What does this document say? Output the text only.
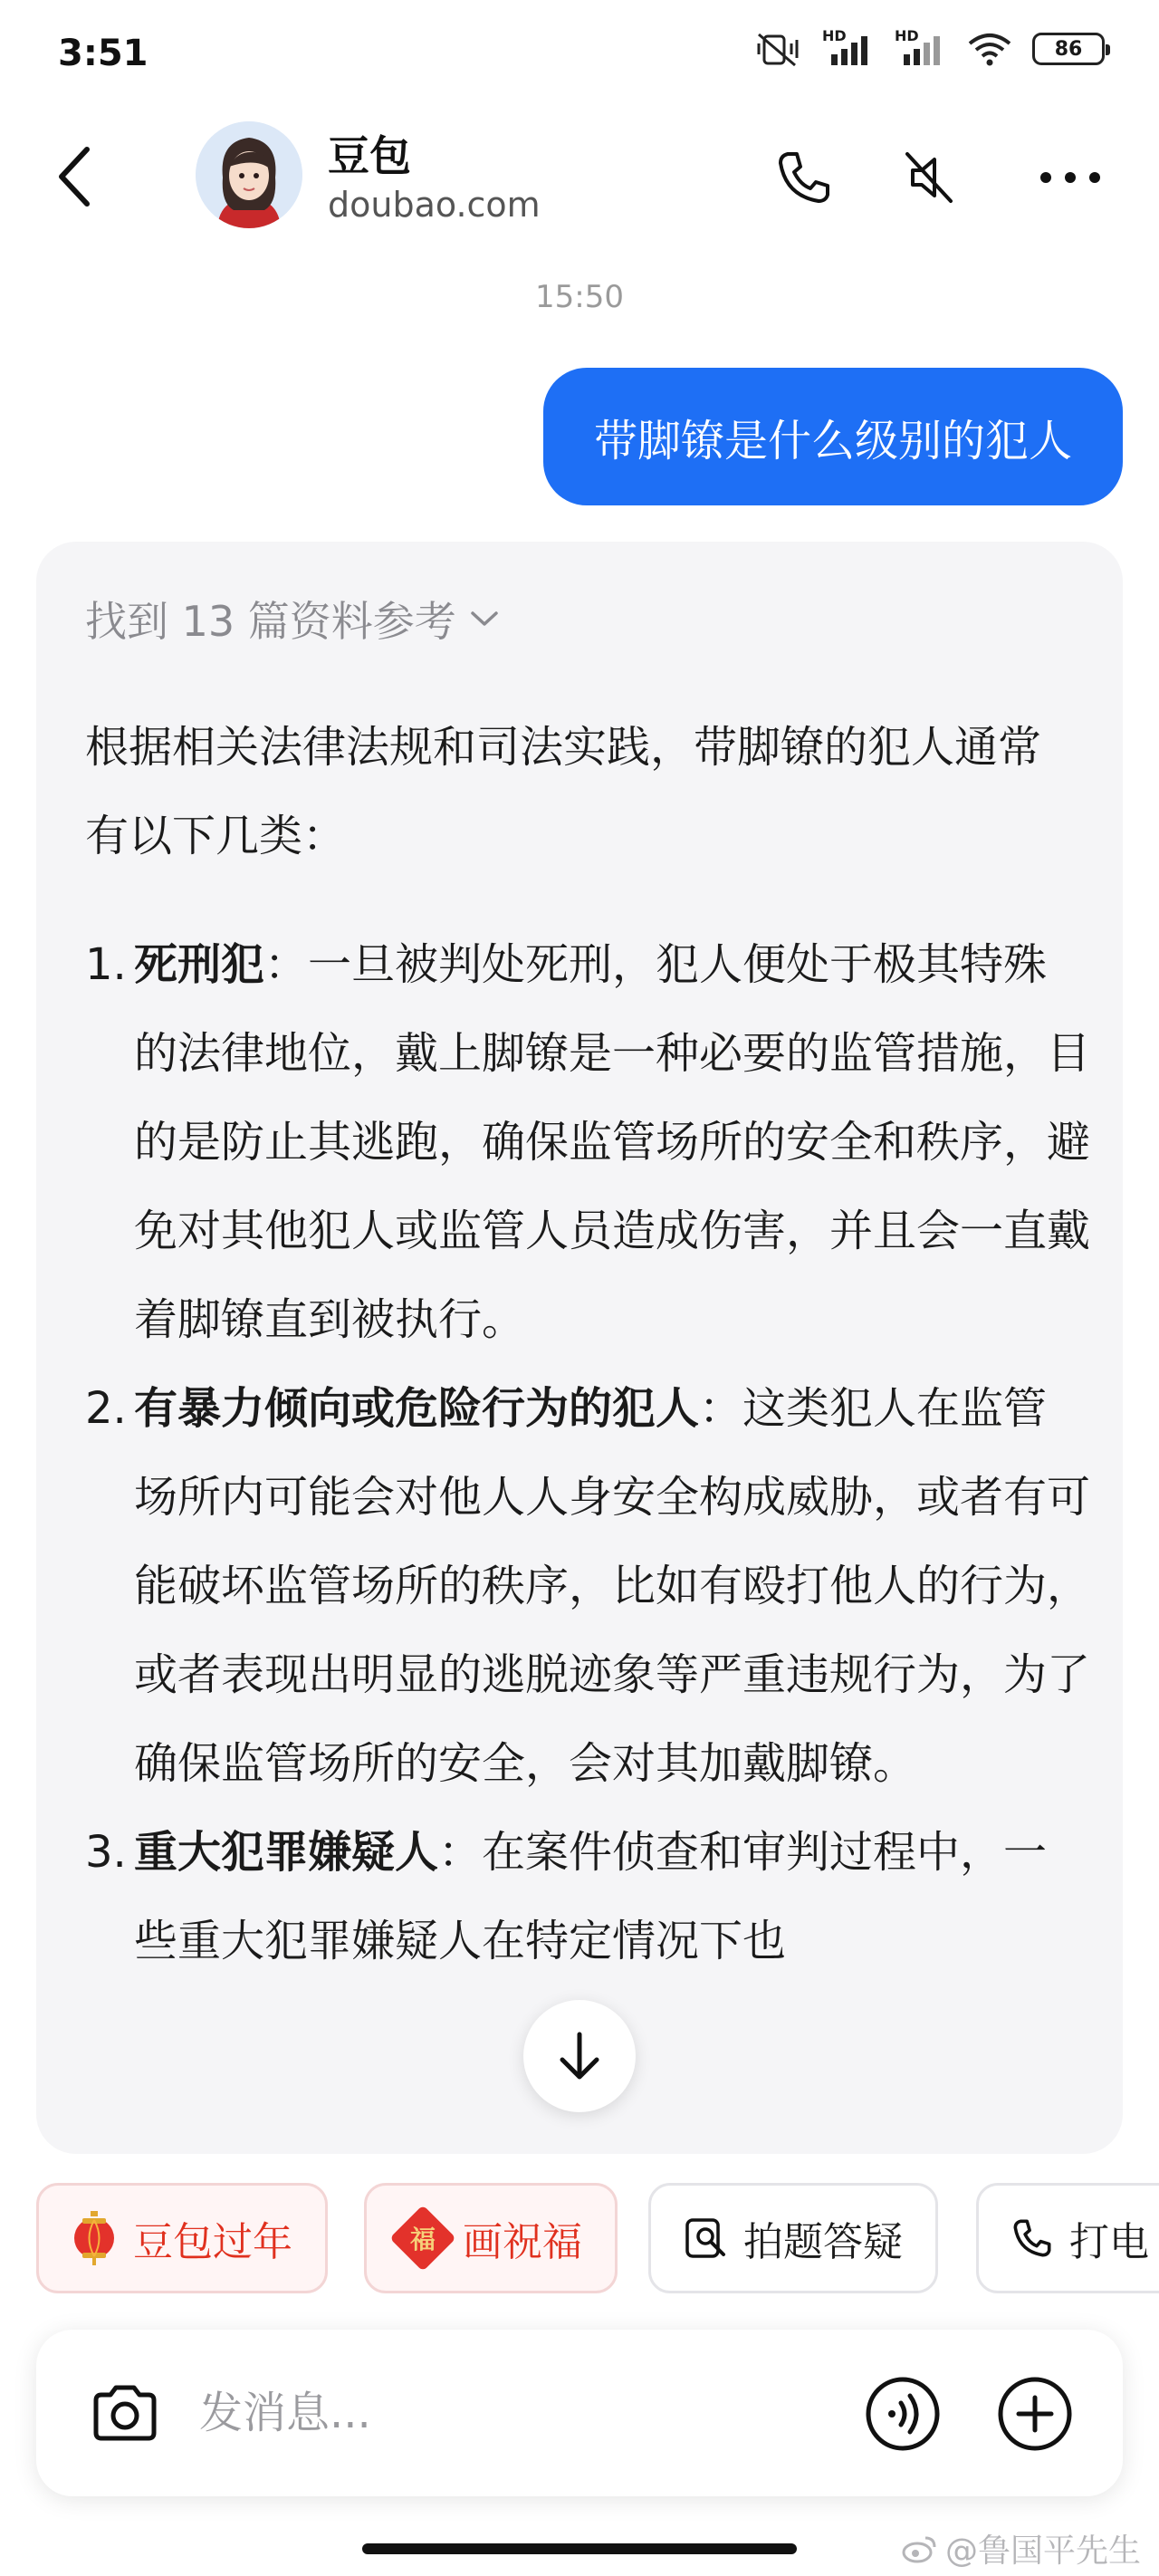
3:51	HD	HD
86
豆包
doubao.com
15:50
带脚镣是什么级别的犯人
找到 13 篇资料参考
根据相关法律法规和司法实践，带脚镣的犯人通常有以下几类：
1. 死刑犯：一旦被判处死刑，犯人便处于极其特殊的法律地位，戴上脚镣是一种必要的监管措施，目的是防止其逃跑，确保监管场所的安全和秩序，避免对其他犯人或监管人员造成伤害，并且会一直戴着脚镣直到被执行。
2. 有暴力倾向或危险行为的犯人：这类犯人在监管场所内可能会对他人人身安全构成威胁，或者有可能破坏监管场所的秩序，比如有殴打他人的行为，或者表现出明显的逃脱迹象等严重违规行为，为了确保监管场所的安全，会对其加戴脚镣。
3. 重大犯罪嫌疑人：在案件侦查和审判过程中，一些重大犯罪嫌疑人在特定情况下也
豆包过年	福 画祝福	拍题答疑	打电
发消息...
@鲁国平先生
